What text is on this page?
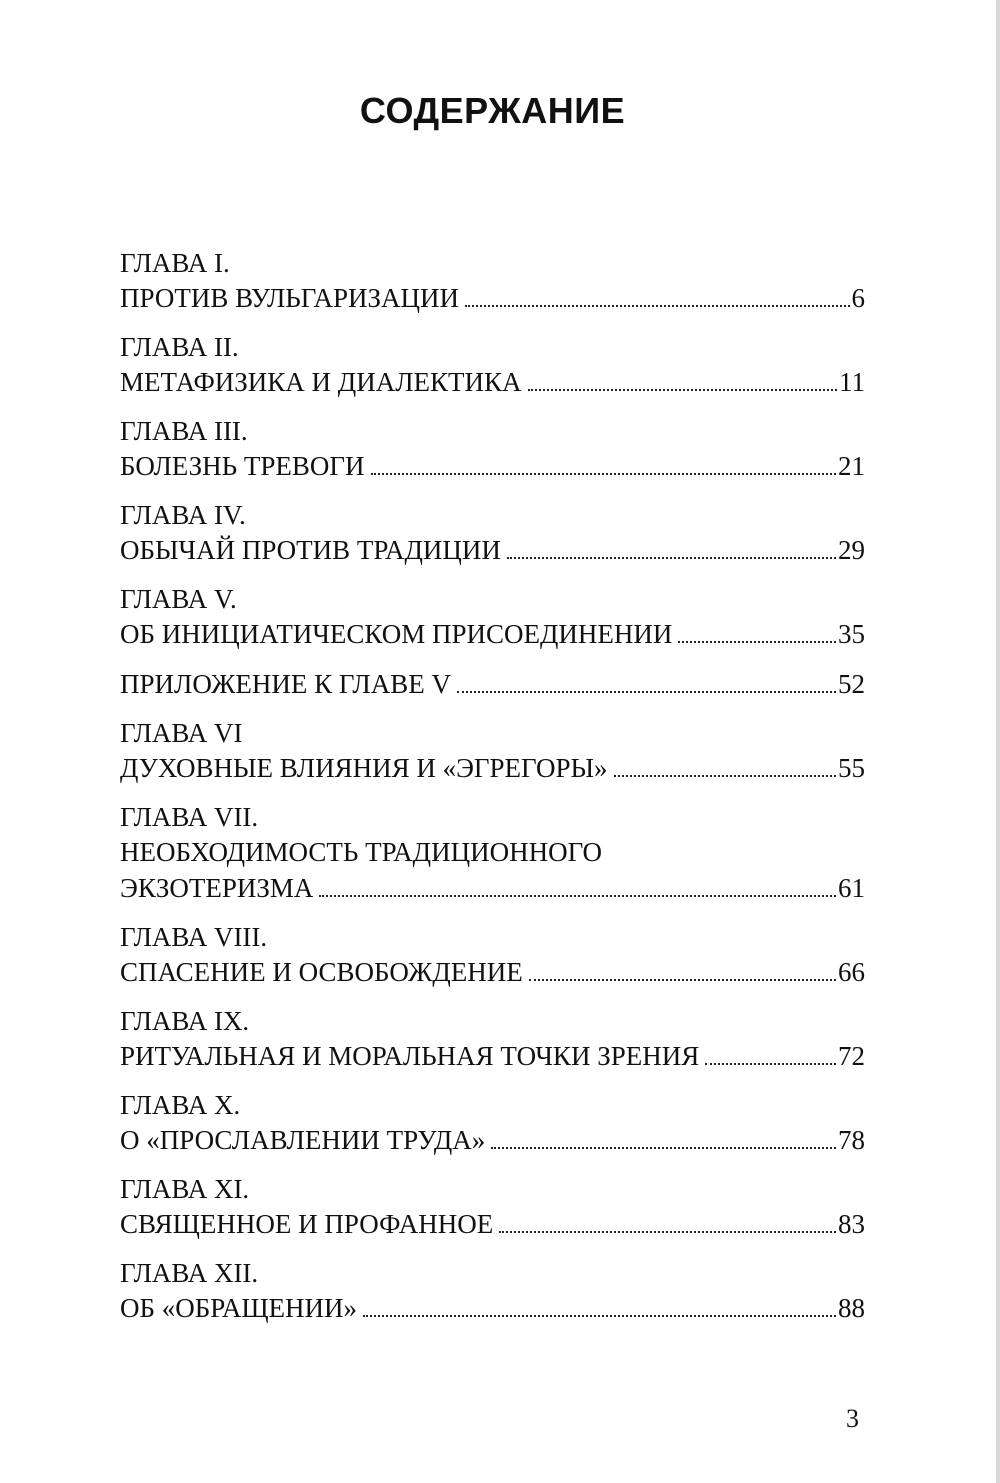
СОДЕРЖАНИЕ
ГЛАВА I.
ПРОТИВ ВУЛЬГАРИЗАЦИИ	6
ГЛАВА II.
МЕТАФИЗИКА И ДИАЛЕКТИКА	11
ГЛАВА III.
БОЛЕЗНЬ ТРЕВОГИ	21
ГЛАВА IV.
ОБЫЧАЙ ПРОТИВ ТРАДИЦИИ	29
ГЛАВА V.
ОБ ИНИЦИАТИЧЕСКОМ ПРИСОЕДИНЕНИИ	35
ПРИЛОЖЕНИЕ К ГЛАВЕ V	52
ГЛАВА VI
ДУХОВНЫЕ ВЛИЯНИЯ И «ЭГРЕГОРЫ»	55
ГЛАВА VII.
НЕОБХОДИМОСТЬ ТРАДИЦИОННОГО
ЭКЗОТЕРИЗМА	61
ГЛАВА VIII.
СПАСЕНИЕ И ОСВОБОЖДЕНИЕ	66
ГЛАВА IX.
РИТУАЛЬНАЯ И МОРАЛЬНАЯ ТОЧКИ ЗРЕНИЯ	72
ГЛАВА X.
О «ПРОСЛАВЛЕНИИ ТРУДА»	78
ГЛАВА XI.
СВЯЩЕННОЕ И ПРОФАННОЕ	83
ГЛАВА XII.
ОБ «ОБРАЩЕНИИ»	88
3
